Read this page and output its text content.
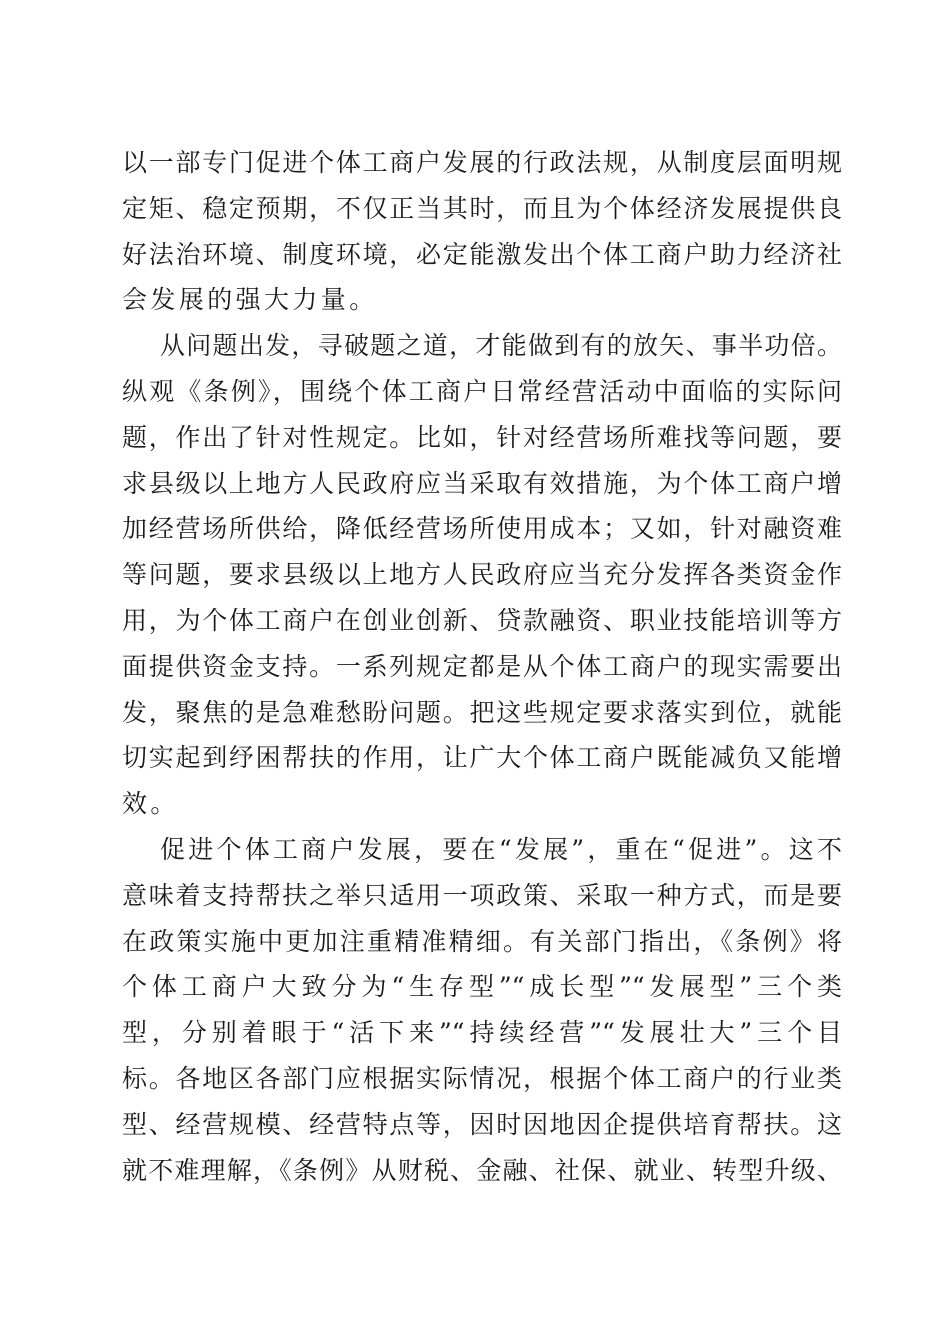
以一部专门促进个体工商户发展的行政法规，从制度层面明规
定矩、稳定预期，不仅正当其时，而且为个体经济发展提供良
好法治环境、制度环境，必定能激发出个体工商户助力经济社
会发展的强大力量。
从问题出发，寻破题之道，才能做到有的放矢、事半功倍。
纵观《条例》，围绕个体工商户日常经营活动中面临的实际问
题，作出了针对性规定。比如，针对经营场所难找等问题，要
求县级以上地方人民政府应当采取有效措施，为个体工商户增
加经营场所供给，降低经营场所使用成本；又如，针对融资难
等问题，要求县级以上地方人民政府应当充分发挥各类资金作
用，为个体工商户在创业创新、贷款融资、职业技能培训等方
面提供资金支持。一系列规定都是从个体工商户的现实需要出
发，聚焦的是急难愁盼问题。把这些规定要求落实到位，就能
切实起到纾困帮扶的作用，让广大个体工商户既能减负又能增
效。
促进个体工商户发展，要在“发展”，重在“促进”。这不
意味着支持帮扶之举只适用一项政策、采取一种方式，而是要
在政策实施中更加注重精准精细。有关部门指出，《条例》将
个体工商户大致分为“生存型”“成长型”“发展型”三个类
型，分别着眼于“活下来”“持续经营”“发展壮大”三个目
标。各地区各部门应根据实际情况，根据个体工商户的行业类
型、经营规模、经营特点等，因时因地因企提供培育帮扶。这
就不难理解，《条例》从财税、金融、社保、就业、转型升级、
